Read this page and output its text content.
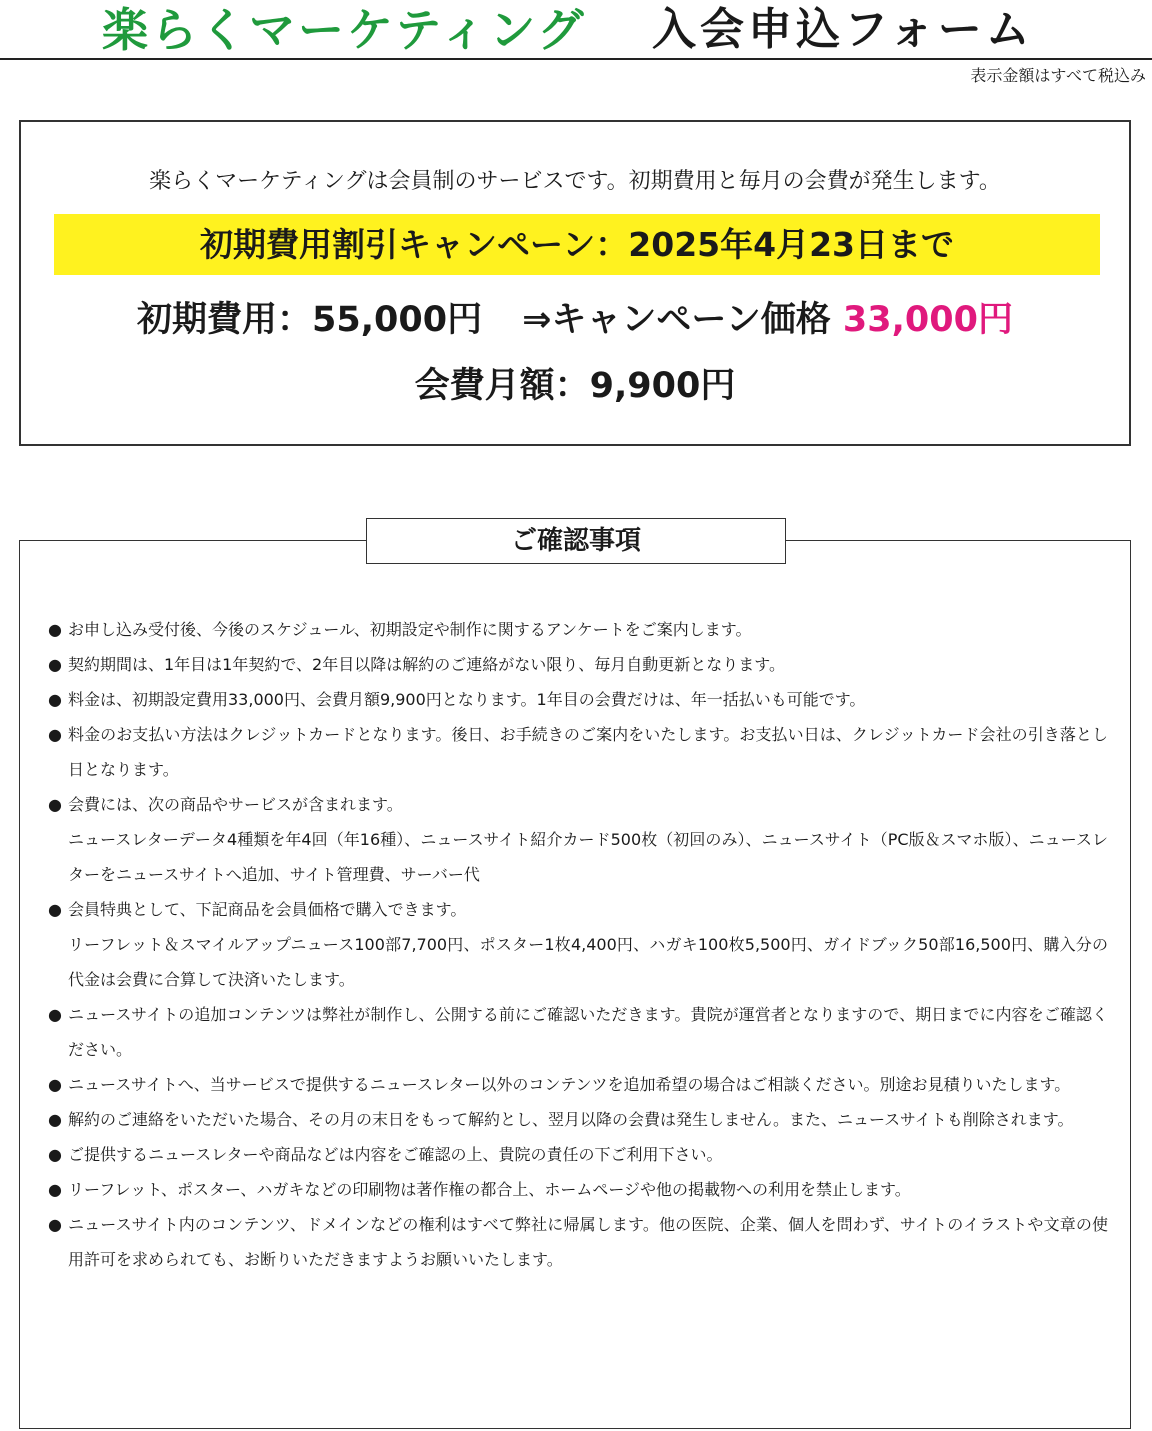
楽らくマーケティング 入会申込フォーム
表示金額はすべて税込み
楽らくマーケティングは会員制のサービスです。初期費用と毎月の会費が発生します。
初期費用割引キャンペーン：2025年4月23日まで
初期費用：55,000円 ⇒キャンペーン価格 33,000円
会費月額：9,900円
ご確認事項
● お申し込み受付後、今後のスケジュール、初期設定や制作に関するアンケートをご案内します。
● 契約期間は、1年目は1年契約で、2年目以降は解約のご連絡がない限り、毎月自動更新となります。
● 料金は、初期設定費用33,000円、会費月額9,900円となります。1年目の会費だけは、年一括払いも可能です。
● 料金のお支払い方法はクレジットカードとなります。後日、お手続きのご案内をいたします。お支払い日は、クレジットカード会社の引き落とし日となります。
● 会費には、次の商品やサービスが含まれます。
ニュースレターデータ4種類を年4回（年16種）、ニュースサイト紹介カード500枚（初回のみ）、ニュースサイト（PC版＆スマホ版）、ニュースレターをニュースサイトへ追加、サイト管理費、サーバー代
● 会員特典として、下記商品を会員価格で購入できます。
リーフレット＆スマイルアップニュース100部7,700円、ポスター1枚4,400円、ハガキ100枚5,500円、ガイドブック50部16,500円、購入分の代金は会費に合算して決済いたします。
● ニュースサイトの追加コンテンツは弊社が制作し、公開する前にご確認いただきます。貴院が運営者となりますので、期日までに内容をご確認ください。
● ニュースサイトへ、当サービスで提供するニュースレター以外のコンテンツを追加希望の場合はご相談ください。別途お見積りいたします。
● 解約のご連絡をいただいた場合、その月の末日をもって解約とし、翌月以降の会費は発生しません。また、ニュースサイトも削除されます。
● ご提供するニュースレターや商品などは内容をご確認の上、貴院の責任の下ご利用下さい。
● リーフレット、ポスター、ハガキなどの印刷物は著作権の都合上、ホームページや他の掲載物への利用を禁止します。
● ニュースサイト内のコンテンツ、ドメインなどの権利はすべて弊社に帰属します。他の医院、企業、個人を問わず、サイトのイラストや文章の使用許可を求められても、お断りいただきますようお願いいたします。
